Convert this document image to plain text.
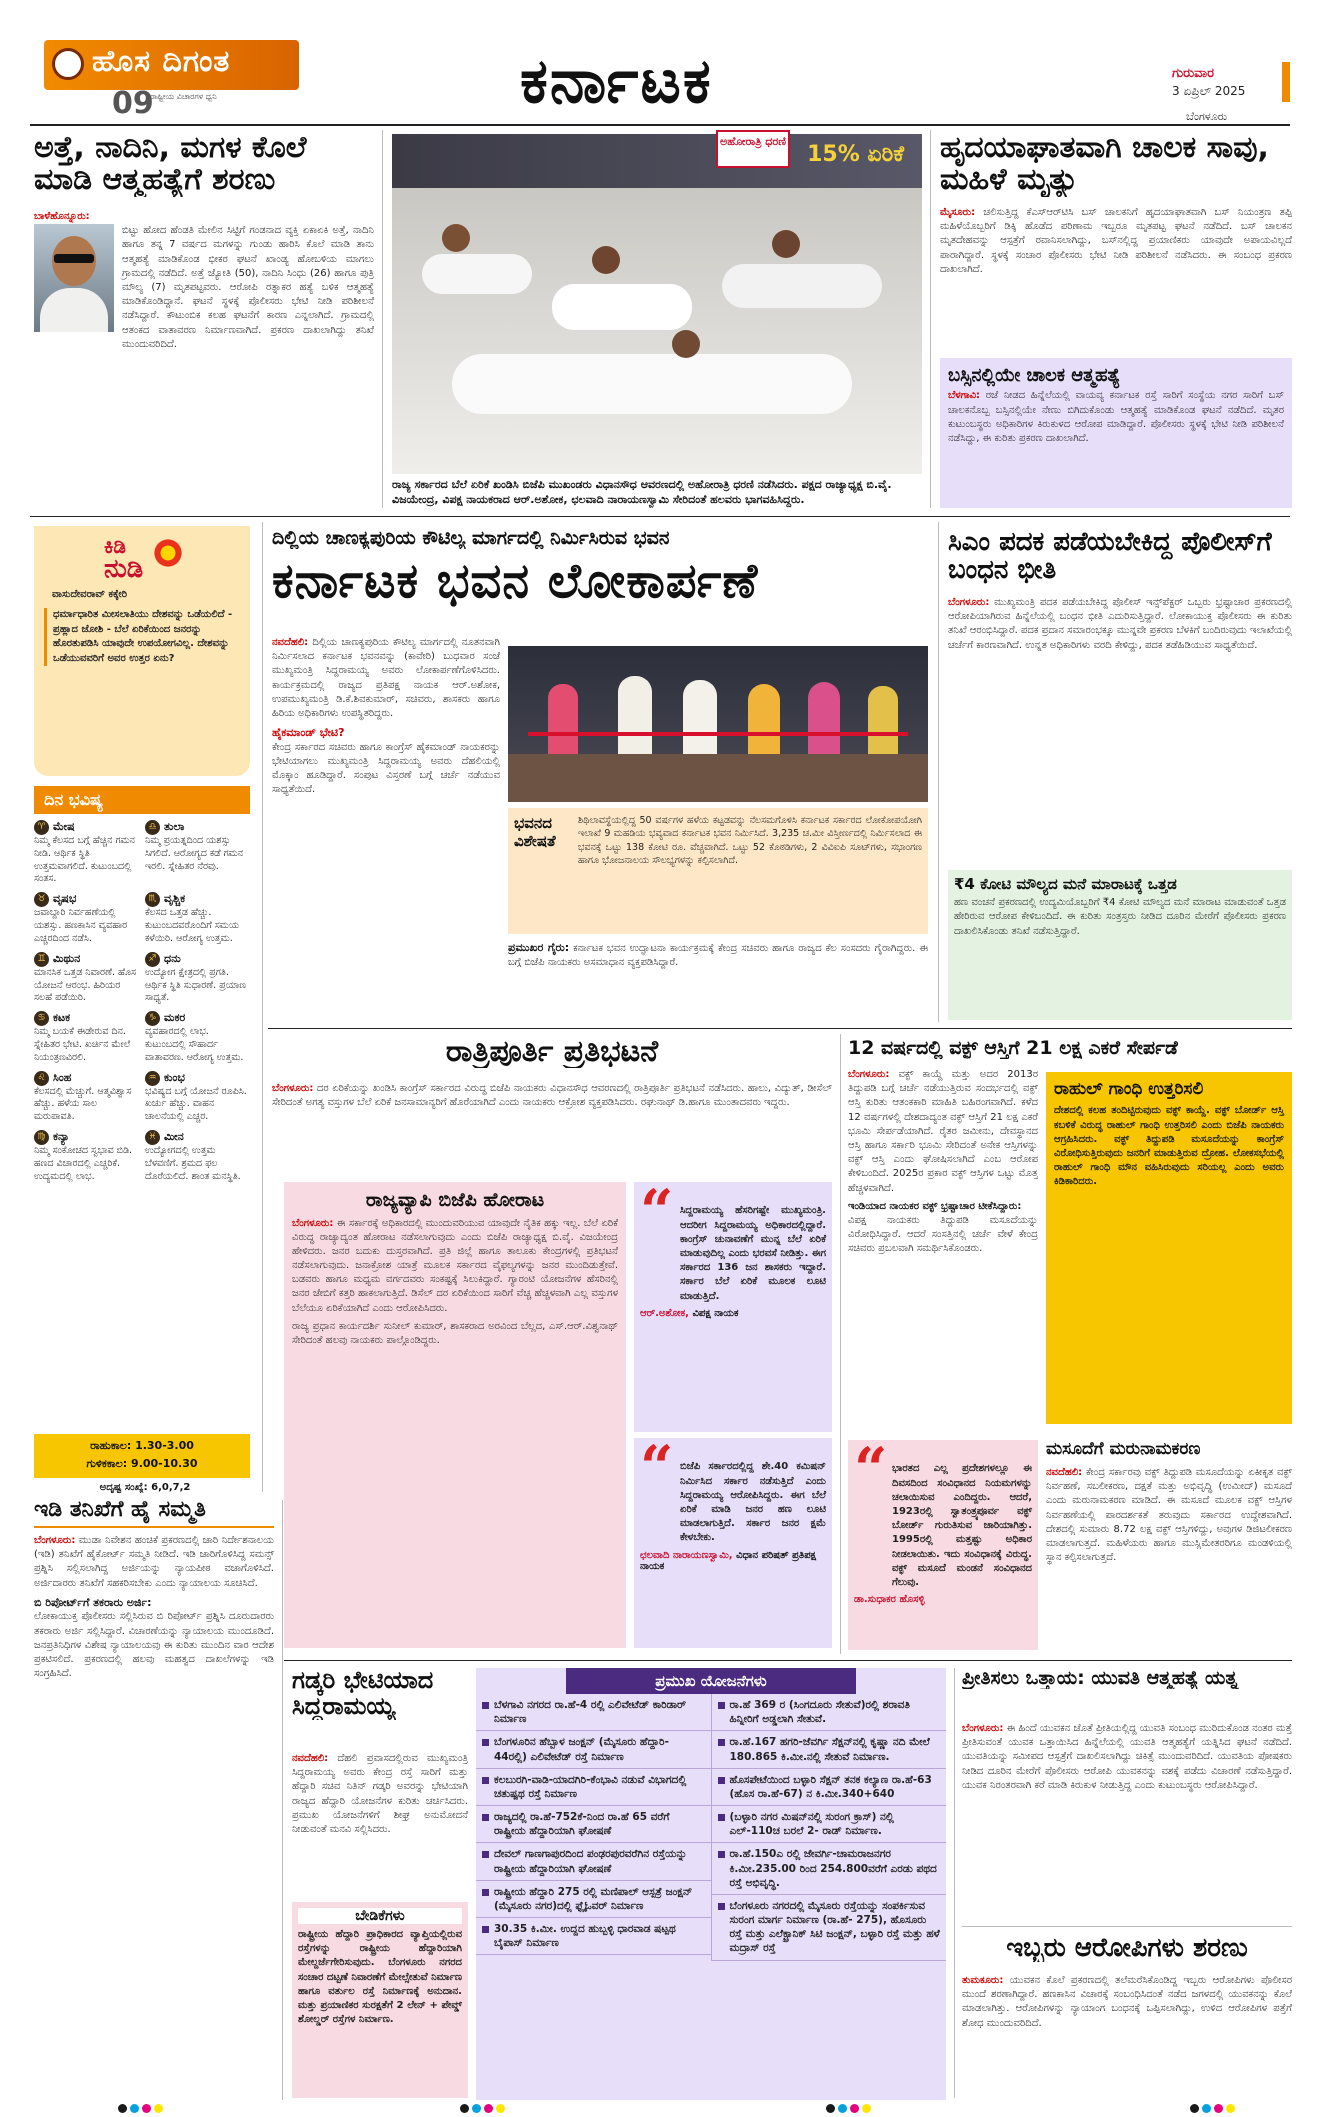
ಹೊಸ ದಿಗಂತ
ರಾಷ್ಟ್ರೀಯ ವಿಚಾರಗಳ ಧ್ವನಿ
09	ಕರ್ನಾಟಕ	ಗುರುವಾರ
3 ಏಪ್ರಿಲ್ 2025
ಬೆಂಗಳೂರು
ಅತ್ತೆ, ನಾದಿನಿ, ಮಗಳ ಕೊಲೆ ಮಾಡಿ ಆತ್ಮಹತ್ಯೆಗೆ ಶರಣು
ಬಾಳೆಹೊನ್ನೂರು:
ಬಿಟ್ಟು ಹೋದ ಹೆಂಡತಿ ಮೇಲಿನ ಸಿಟ್ಟಿಗೆ ಗಂಡನಾದ ವ್ಯಕ್ತಿ ಏಕಾಏಕಿ ಅತ್ತೆ, ನಾದಿನಿ ಹಾಗೂ ತನ್ನ 7 ವರ್ಷದ ಮಗಳನ್ನು ಗುಂಡು ಹಾರಿಸಿ ಕೊಲೆ ಮಾಡಿ ತಾನು ಆತ್ಮಹತ್ಯೆ ಮಾಡಿಕೊಂಡ ಭೀಕರ ಘಟನೆ ಖಾಂಡ್ಯ ಹೋಬಳಿಯ ಮಾಗಲು ಗ್ರಾಮದಲ್ಲಿ ನಡೆದಿದೆ. ಅತ್ತೆ ಜ್ಯೋತಿ (50), ನಾದಿನಿ ಸಿಂಧು (26) ಹಾಗೂ ಪುತ್ರಿ ಮೌಲ್ಯ (7) ಮೃತಪಟ್ಟವರು. ಆರೋಪಿ ರತ್ನಾಕರ ಹತ್ಯೆ ಬಳಿಕ ಆತ್ಮಹತ್ಯೆ ಮಾಡಿಕೊಂಡಿದ್ದಾನೆ. ಘಟನೆ ಸ್ಥಳಕ್ಕೆ ಪೊಲೀಸರು ಭೇಟಿ ನೀಡಿ ಪರಿಶೀಲನೆ ನಡೆಸಿದ್ದಾರೆ. ಕೌಟುಂಬಿಕ ಕಲಹ ಘಟನೆಗೆ ಕಾರಣ ಎನ್ನಲಾಗಿದೆ. ಗ್ರಾಮದಲ್ಲಿ ಆತಂಕದ ವಾತಾವರಣ ನಿರ್ಮಾಣವಾಗಿದೆ. ಪ್ರಕರಣ ದಾಖಲಾಗಿದ್ದು ತನಿಖೆ ಮುಂದುವರಿದಿದೆ.
15% ಏರಿಕೆ
ಅಹೋರಾತ್ರಿ ಧರಣಿ
ರಾಜ್ಯ ಸರ್ಕಾರದ ಬೆಲೆ ಏರಿಕೆ ಖಂಡಿಸಿ ಬಿಜೆಪಿ ಮುಖಂಡರು ವಿಧಾನಸೌಧ ಆವರಣದಲ್ಲಿ ಅಹೋರಾತ್ರಿ ಧರಣಿ ನಡೆಸಿದರು. ಪಕ್ಷದ ರಾಜ್ಯಾಧ್ಯಕ್ಷ ಬಿ.ವೈ. ವಿಜಯೇಂದ್ರ, ವಿಪಕ್ಷ ನಾಯಕರಾದ ಆರ್.ಅಶೋಕ, ಛಲವಾದಿ ನಾರಾಯಣಸ್ವಾಮಿ ಸೇರಿದಂತೆ ಹಲವರು ಭಾಗವಹಿಸಿದ್ದರು.
ಹೃದಯಾಘಾತವಾಗಿ ಚಾಲಕ ಸಾವು, ಮಹಿಳೆ ಮೃತ್ಯು
ಮೈಸೂರು: ಚಲಿಸುತ್ತಿದ್ದ ಕೆಎಸ್‌ಆರ್‌ಟಿಸಿ ಬಸ್ ಚಾಲಕನಿಗೆ ಹೃದಯಾಘಾತವಾಗಿ ಬಸ್ ನಿಯಂತ್ರಣ ತಪ್ಪಿ ಮಹಿಳೆಯೊಬ್ಬರಿಗೆ ಡಿಕ್ಕಿ ಹೊಡೆದ ಪರಿಣಾಮ ಇಬ್ಬರೂ ಮೃತಪಟ್ಟ ಘಟನೆ ನಡೆದಿದೆ. ಬಸ್ ಚಾಲಕನ ಮೃತದೇಹವನ್ನು ಆಸ್ಪತ್ರೆಗೆ ರವಾನಿಸಲಾಗಿದ್ದು, ಬಸ್‌ನಲ್ಲಿದ್ದ ಪ್ರಯಾಣಿಕರು ಯಾವುದೇ ಅಪಾಯವಿಲ್ಲದೆ ಪಾರಾಗಿದ್ದಾರೆ. ಸ್ಥಳಕ್ಕೆ ಸಂಚಾರ ಪೊಲೀಸರು ಭೇಟಿ ನೀಡಿ ಪರಿಶೀಲನೆ ನಡೆಸಿದರು. ಈ ಸಂಬಂಧ ಪ್ರಕರಣ ದಾಖಲಾಗಿದೆ.
ಬಸ್ಸಿನಲ್ಲಿಯೇ ಚಾಲಕ ಆತ್ಮಹತ್ಯೆ
ಬೆಳಗಾವಿ: ರಜೆ ನೀಡದ ಹಿನ್ನೆಲೆಯಲ್ಲಿ ವಾಯವ್ಯ ಕರ್ನಾಟಕ ರಸ್ತೆ ಸಾರಿಗೆ ಸಂಸ್ಥೆಯ ನಗರ ಸಾರಿಗೆ ಬಸ್ ಚಾಲಕನೊಬ್ಬ ಬಸ್ಸಿನಲ್ಲಿಯೇ ನೇಣು ಬಿಗಿದುಕೊಂಡು ಆತ್ಮಹತ್ಯೆ ಮಾಡಿಕೊಂಡ ಘಟನೆ ನಡೆದಿದೆ. ಮೃತರ ಕುಟುಂಬಸ್ಥರು ಅಧಿಕಾರಿಗಳ ಕಿರುಕುಳದ ಆರೋಪ ಮಾಡಿದ್ದಾರೆ. ಪೊಲೀಸರು ಸ್ಥಳಕ್ಕೆ ಭೇಟಿ ನೀಡಿ ಪರಿಶೀಲನೆ ನಡೆಸಿದ್ದು, ಈ ಕುರಿತು ಪ್ರಕರಣ ದಾಖಲಾಗಿದೆ.
ಕಿಡಿ
ನುಡಿ
ವಾಸುದೇವರಾವ್ ಕಕ್ಕೇರಿ
ಧರ್ಮಾಧಾರಿತ ಮೀಸಲಾತಿಯು ದೇಶವನ್ನು ಒಡೆಯಲಿದೆ - ಪ್ರಹ್ಲಾದ ಜೋಶಿ - ಬೆಲೆ ಏರಿಕೆಯಿಂದ ಜನರನ್ನು ಹೊರತುಪಡಿಸಿ ಯಾವುದೇ ಉಪಯೋಗವಿಲ್ಲ. ದೇಶವನ್ನು ಒಡೆಯುವವರಿಗೆ ಅವರ ಉತ್ತರ ಏನು?
ದಿನ ಭವಿಷ್ಯ
♈ ಮೇಷ
ನಿಮ್ಮ ಕೆಲಸದ ಬಗ್ಗೆ ಹೆಚ್ಚಿನ ಗಮನ ನೀಡಿ. ಆರ್ಥಿಕ ಸ್ಥಿತಿ ಉತ್ತಮವಾಗಲಿದೆ. ಕುಟುಂಬದಲ್ಲಿ ಸಂತಸ.
♎ ತುಲಾ
ನಿಮ್ಮ ಪ್ರಯತ್ನದಿಂದ ಯಶಸ್ಸು ಸಿಗಲಿದೆ. ಆರೋಗ್ಯದ ಕಡೆ ಗಮನ ಇರಲಿ. ಸ್ನೇಹಿತರ ನೆರವು.
♉ ವೃಷಭ
ಜವಾಬ್ದಾರಿ ನಿರ್ವಹಣೆಯಲ್ಲಿ ಯಶಸ್ಸು. ಹಣಕಾಸಿನ ವ್ಯವಹಾರ ಎಚ್ಚರದಿಂದ ನಡೆಸಿ.
♏ ವೃಶ್ಚಿಕ
ಕೆಲಸದ ಒತ್ತಡ ಹೆಚ್ಚು. ಕುಟುಂಬದವರೊಂದಿಗೆ ಸಮಯ ಕಳೆಯಿರಿ. ಆರೋಗ್ಯ ಉತ್ತಮ.
♊ ಮಿಥುನ
ಮಾನಸಿಕ ಒತ್ತಡ ನಿವಾರಣೆ. ಹೊಸ ಯೋಜನೆ ಆರಂಭ. ಹಿರಿಯರ ಸಲಹೆ ಪಡೆಯಿರಿ.
♐ ಧನು
ಉದ್ಯೋಗ ಕ್ಷೇತ್ರದಲ್ಲಿ ಪ್ರಗತಿ. ಆರ್ಥಿಕ ಸ್ಥಿತಿ ಸುಧಾರಣೆ. ಪ್ರಯಾಣ ಸಾಧ್ಯತೆ.
♋ ಕಟಕ
ನಿಮ್ಮ ಬಯಕೆ ಈಡೇರುವ ದಿನ. ಸ್ನೇಹಿತರ ಭೇಟಿ. ಖರ್ಚಿನ ಮೇಲೆ ನಿಯಂತ್ರಣವಿರಲಿ.
♑ ಮಕರ
ವ್ಯವಹಾರದಲ್ಲಿ ಲಾಭ. ಕುಟುಂಬದಲ್ಲಿ ಸೌಹಾರ್ದ ವಾತಾವರಣ. ಆರೋಗ್ಯ ಉತ್ತಮ.
♌ ಸಿಂಹ
ಕೆಲಸದಲ್ಲಿ ಮೆಚ್ಚುಗೆ. ಆತ್ಮವಿಶ್ವಾಸ ಹೆಚ್ಚು. ಹಳೆಯ ಸಾಲ ಮರುಪಾವತಿ.
♒ ಕುಂಭ
ಭವಿಷ್ಯದ ಬಗ್ಗೆ ಯೋಜನೆ ರೂಪಿಸಿ. ಖರ್ಚು ಹೆಚ್ಚು. ವಾಹನ ಚಾಲನೆಯಲ್ಲಿ ಎಚ್ಚರ.
♍ ಕನ್ಯಾ
ನಿಮ್ಮ ಸಂಕೋಚದ ಸ್ವಭಾವ ಬಿಡಿ. ಹಣದ ವಿಚಾರದಲ್ಲಿ ಎಚ್ಚರಿಕೆ. ಉದ್ಯಮದಲ್ಲಿ ಲಾಭ.
♓ ಮೀನ
ಉದ್ಯೋಗದಲ್ಲಿ ಉತ್ತಮ ಬೆಳವಣಿಗೆ. ಶ್ರಮದ ಫಲ ದೊರೆಯಲಿದೆ. ಶಾಂತ ಮನಸ್ಥಿತಿ.
ರಾಹುಕಾಲ: 1.30-3.00
ಗುಳಿಕಕಾಲ: 9.00-10.30
ಅದೃಷ್ಟ ಸಂಖ್ಯೆ: 6,0,7,2
ಇಡಿ ತನಿಖೆಗೆ ಹೈ ಸಮ್ಮತಿ
ಬೆಂಗಳೂರು: ಮುಡಾ ನಿವೇಶನ ಹಂಚಿಕೆ ಪ್ರಕರಣದಲ್ಲಿ ಜಾರಿ ನಿರ್ದೇಶನಾಲಯ (ಇಡಿ) ತನಿಖೆಗೆ ಹೈಕೋರ್ಟ್ ಸಮ್ಮತಿ ನೀಡಿದೆ. ಇಡಿ ಜಾರಿಗೊಳಿಸಿದ್ದ ಸಮನ್ಸ್ ಪ್ರಶ್ನಿಸಿ ಸಲ್ಲಿಸಲಾಗಿದ್ದ ಅರ್ಜಿಯನ್ನು ನ್ಯಾಯಪೀಠ ವಜಾಗೊಳಿಸಿದೆ. ಅರ್ಜಿದಾರರು ತನಿಖೆಗೆ ಸಹಕರಿಸಬೇಕು ಎಂದು ನ್ಯಾಯಾಲಯ ಸೂಚಿಸಿದೆ.
ಬಿ ರಿಪೋರ್ಟ್‌ಗೆ ತಕರಾರು ಅರ್ಜಿ:
ಲೋಕಾಯುಕ್ತ ಪೊಲೀಸರು ಸಲ್ಲಿಸಿರುವ ಬಿ ರಿಪೋರ್ಟ್ ಪ್ರಶ್ನಿಸಿ ದೂರುದಾರರು ತಕರಾರು ಅರ್ಜಿ ಸಲ್ಲಿಸಿದ್ದಾರೆ. ವಿಚಾರಣೆಯನ್ನು ನ್ಯಾಯಾಲಯ ಮುಂದೂಡಿದೆ. ಜನಪ್ರತಿನಿಧಿಗಳ ವಿಶೇಷ ನ್ಯಾಯಾಲಯವು ಈ ಕುರಿತು ಮುಂದಿನ ವಾರ ಆದೇಶ ಪ್ರಕಟಿಸಲಿದೆ. ಪ್ರಕರಣದಲ್ಲಿ ಹಲವು ಮಹತ್ವದ ದಾಖಲೆಗಳನ್ನು ಇಡಿ ಸಂಗ್ರಹಿಸಿದೆ.
ದಿಲ್ಲಿಯ ಚಾಣಕ್ಯಪುರಿಯ ಕೌಟಿಲ್ಯ ಮಾರ್ಗದಲ್ಲಿ ನಿರ್ಮಿಸಿರುವ ಭವನ
ಕರ್ನಾಟಕ ಭವನ ಲೋಕಾರ್ಪಣೆ
ನವದೆಹಲಿ: ದಿಲ್ಲಿಯ ಚಾಣಕ್ಯಪುರಿಯ ಕೌಟಿಲ್ಯ ಮಾರ್ಗದಲ್ಲಿ ನೂತನವಾಗಿ ನಿರ್ಮಿಸಲಾದ ಕರ್ನಾಟಕ ಭವನವನ್ನು (ಕಾವೇರಿ) ಬುಧವಾರ ಸಂಜೆ ಮುಖ್ಯಮಂತ್ರಿ ಸಿದ್ದರಾಮಯ್ಯ ಅವರು ಲೋಕಾರ್ಪಣೆಗೊಳಿಸಿದರು. ಕಾರ್ಯಕ್ರಮದಲ್ಲಿ ರಾಜ್ಯದ ಪ್ರತಿಪಕ್ಷ ನಾಯಕ ಆರ್.ಅಶೋಕ, ಉಪಮುಖ್ಯಮಂತ್ರಿ ಡಿ.ಕೆ.ಶಿವಕುಮಾರ್, ಸಚಿವರು, ಶಾಸಕರು ಹಾಗೂ ಹಿರಿಯ ಅಧಿಕಾರಿಗಳು ಉಪಸ್ಥಿತರಿದ್ದರು.
ಹೈಕಮಾಂಡ್ ಭೇಟಿ?
ಕೇಂದ್ರ ಸರ್ಕಾರದ ಸಚಿವರು ಹಾಗೂ ಕಾಂಗ್ರೆಸ್ ಹೈಕಮಾಂಡ್ ನಾಯಕರನ್ನು ಭೇಟಿಯಾಗಲು ಮುಖ್ಯಮಂತ್ರಿ ಸಿದ್ದರಾಮಯ್ಯ ಅವರು ದೆಹಲಿಯಲ್ಲಿ ಮೊಕ್ಕಾಂ ಹೂಡಿದ್ದಾರೆ. ಸಂಪುಟ ವಿಸ್ತರಣೆ ಬಗ್ಗೆ ಚರ್ಚೆ ನಡೆಯುವ ಸಾಧ್ಯತೆಯಿದೆ.
ಭವನದ ವಿಶೇಷತೆ
ಶಿಥಿಲಾವಸ್ಥೆಯಲ್ಲಿದ್ದ 50 ವರ್ಷಗಳ ಹಳೆಯ ಕಟ್ಟಡವನ್ನು ನೆಲಸಮಗೊಳಿಸಿ ಕರ್ನಾಟಕ ಸರ್ಕಾರದ ಲೋಕೋಪಯೋಗಿ ಇಲಾಖೆ 9 ಮಹಡಿಯ ಭವ್ಯವಾದ ಕರ್ನಾಟಕ ಭವನ ನಿರ್ಮಿಸಿದೆ. 3,235 ಚ.ಮೀ ವಿಸ್ತೀರ್ಣದಲ್ಲಿ ನಿರ್ಮಿಸಲಾದ ಈ ಭವನಕ್ಕೆ ಒಟ್ಟು 138 ಕೋಟಿ ರೂ. ವೆಚ್ಚವಾಗಿದೆ. ಒಟ್ಟು 52 ಕೊಠಡಿಗಳು, 2 ವಿವಿಐಪಿ ಸೂಟ್‌ಗಳು, ಸಭಾಂಗಣ ಹಾಗೂ ಭೋಜನಾಲಯ ಸೌಲಭ್ಯಗಳನ್ನು ಕಲ್ಪಿಸಲಾಗಿದೆ.
ಪ್ರಮುಖರ ಗೈರು: ಕರ್ನಾಟಕ ಭವನ ಉದ್ಘಾಟನಾ ಕಾರ್ಯಕ್ರಮಕ್ಕೆ ಕೇಂದ್ರ ಸಚಿವರು ಹಾಗೂ ರಾಜ್ಯದ ಕೆಲ ಸಂಸದರು ಗೈರಾಗಿದ್ದರು. ಈ ಬಗ್ಗೆ ಬಿಜೆಪಿ ನಾಯಕರು ಅಸಮಾಧಾನ ವ್ಯಕ್ತಪಡಿಸಿದ್ದಾರೆ.
ಸಿಎಂ ಪದಕ ಪಡೆಯಬೇಕಿದ್ದ ಪೊಲೀಸ್‌ಗೆ ಬಂಧನ ಭೀತಿ
ಬೆಂಗಳೂರು: ಮುಖ್ಯಮಂತ್ರಿ ಪದಕ ಪಡೆಯಬೇಕಿದ್ದ ಪೊಲೀಸ್ ಇನ್ಸ್‌ಪೆಕ್ಟರ್ ಒಬ್ಬರು ಭ್ರಷ್ಟಾಚಾರ ಪ್ರಕರಣದಲ್ಲಿ ಆರೋಪಿಯಾಗಿರುವ ಹಿನ್ನೆಲೆಯಲ್ಲಿ ಬಂಧನ ಭೀತಿ ಎದುರಿಸುತ್ತಿದ್ದಾರೆ. ಲೋಕಾಯುಕ್ತ ಪೊಲೀಸರು ಈ ಕುರಿತು ತನಿಖೆ ಆರಂಭಿಸಿದ್ದಾರೆ. ಪದಕ ಪ್ರದಾನ ಸಮಾರಂಭಕ್ಕೂ ಮುನ್ನವೇ ಪ್ರಕರಣ ಬೆಳಕಿಗೆ ಬಂದಿರುವುದು ಇಲಾಖೆಯಲ್ಲಿ ಚರ್ಚೆಗೆ ಕಾರಣವಾಗಿದೆ. ಉನ್ನತ ಅಧಿಕಾರಿಗಳು ವರದಿ ಕೇಳಿದ್ದು, ಪದಕ ತಡೆಹಿಡಿಯುವ ಸಾಧ್ಯತೆಯಿದೆ.
₹4 ಕೋಟಿ ಮೌಲ್ಯದ ಮನೆ ಮಾರಾಟಕ್ಕೆ ಒತ್ತಡ
ಹಣ ವಂಚನೆ ಪ್ರಕರಣದಲ್ಲಿ ಉದ್ಯಮಿಯೊಬ್ಬರಿಗೆ ₹4 ಕೋಟಿ ಮೌಲ್ಯದ ಮನೆ ಮಾರಾಟ ಮಾಡುವಂತೆ ಒತ್ತಡ ಹೇರಿರುವ ಆರೋಪ ಕೇಳಿಬಂದಿದೆ. ಈ ಕುರಿತು ಸಂತ್ರಸ್ತರು ನೀಡಿದ ದೂರಿನ ಮೇರೆಗೆ ಪೊಲೀಸರು ಪ್ರಕರಣ ದಾಖಲಿಸಿಕೊಂಡು ತನಿಖೆ ನಡೆಸುತ್ತಿದ್ದಾರೆ.
ರಾತ್ರಿಪೂರ್ತಿ ಪ್ರತಿಭಟನೆ
ಬೆಂಗಳೂರು: ದರ ಏರಿಕೆಯನ್ನು ಖಂಡಿಸಿ ಕಾಂಗ್ರೆಸ್ ಸರ್ಕಾರದ ವಿರುದ್ಧ ಬಿಜೆಪಿ ನಾಯಕರು ವಿಧಾನಸೌಧ ಆವರಣದಲ್ಲಿ ರಾತ್ರಿಪೂರ್ತಿ ಪ್ರತಿಭಟನೆ ನಡೆಸಿದರು. ಹಾಲು, ವಿದ್ಯುತ್, ಡೀಸೆಲ್ ಸೇರಿದಂತೆ ಅಗತ್ಯ ವಸ್ತುಗಳ ಬೆಲೆ ಏರಿಕೆ ಜನಸಾಮಾನ್ಯರಿಗೆ ಹೊರೆಯಾಗಿದೆ ಎಂದು ನಾಯಕರು ಆಕ್ರೋಶ ವ್ಯಕ್ತಪಡಿಸಿದರು. ರಘುನಾಥ್ ಡಿ.ಹಾಗೂ ಮುಂತಾದವರು ಇದ್ದರು.
ರಾಜ್ಯವ್ಯಾಪಿ ಬಿಜೆಪಿ ಹೋರಾಟ
ಬೆಂಗಳೂರು: ಈ ಸರ್ಕಾರಕ್ಕೆ ಅಧಿಕಾರದಲ್ಲಿ ಮುಂದುವರಿಯುವ ಯಾವುದೇ ನೈತಿಕ ಹಕ್ಕು ಇಲ್ಲ. ಬೆಲೆ ಏರಿಕೆ ವಿರುದ್ಧ ರಾಜ್ಯಾದ್ಯಂತ ಹೋರಾಟ ನಡೆಸಲಾಗುವುದು ಎಂದು ಬಿಜೆಪಿ ರಾಜ್ಯಾಧ್ಯಕ್ಷ ಬಿ.ವೈ. ವಿಜಯೇಂದ್ರ ಹೇಳಿದರು. ಜನರ ಬದುಕು ದುಸ್ತರವಾಗಿದೆ. ಪ್ರತಿ ಜಿಲ್ಲೆ ಹಾಗೂ ತಾಲೂಕು ಕೇಂದ್ರಗಳಲ್ಲಿ ಪ್ರತಿಭಟನೆ ನಡೆಸಲಾಗುವುದು. ಜನಾಕ್ರೋಶ ಯಾತ್ರೆ ಮೂಲಕ ಸರ್ಕಾರದ ವೈಫಲ್ಯಗಳನ್ನು ಜನರ ಮುಂದಿಡುತ್ತೇವೆ. ಬಡವರು ಹಾಗೂ ಮಧ್ಯಮ ವರ್ಗದವರು ಸಂಕಷ್ಟಕ್ಕೆ ಸಿಲುಕಿದ್ದಾರೆ. ಗ್ಯಾರಂಟಿ ಯೋಜನೆಗಳ ಹೆಸರಿನಲ್ಲಿ ಜನರ ಜೇಬಿಗೆ ಕತ್ತರಿ ಹಾಕಲಾಗುತ್ತಿದೆ. ಡಿಸೆಲ್ ದರ ಏರಿಕೆಯಿಂದ ಸಾರಿಗೆ ವೆಚ್ಚ ಹೆಚ್ಚಳವಾಗಿ ಎಲ್ಲ ವಸ್ತುಗಳ ಬೆಲೆಯೂ ಏರಿಕೆಯಾಗಿದೆ ಎಂದು ಆರೋಪಿಸಿದರು.
ರಾಜ್ಯ ಪ್ರಧಾನ ಕಾರ್ಯದರ್ಶಿ ಸುನೀಲ್ ಕುಮಾರ್, ಶಾಸಕರಾದ ಅರವಿಂದ ಬೆಲ್ಲದ, ಎಸ್.ಆರ್.ವಿಶ್ವನಾಥ್ ಸೇರಿದಂತೆ ಹಲವು ನಾಯಕರು ಪಾಲ್ಗೊಂಡಿದ್ದರು.
“ ಸಿದ್ದರಾಮಯ್ಯ ಹೆಸರಿಗಷ್ಟೇ ಮುಖ್ಯಮಂತ್ರಿ. ಆದರೀಗ ಸಿದ್ದರಾಮಯ್ಯ ಅಧಿಕಾರದಲ್ಲಿದ್ದಾರೆ. ಕಾಂಗ್ರೆಸ್ ಚುನಾವಣೆಗೆ ಮುನ್ನ ಬೆಲೆ ಏರಿಕೆ ಮಾಡುವುದಿಲ್ಲ ಎಂದು ಭರವಸೆ ನೀಡಿತ್ತು. ಈಗ ಸರ್ಕಾರದ 136 ಜನ ಶಾಸಕರು ಇದ್ದಾರೆ. ಸರ್ಕಾರ ಬೆಲೆ ಏರಿಕೆ ಮೂಲಕ ಲೂಟಿ ಮಾಡುತ್ತಿದೆ.
ಆರ್.ಅಶೋಕ, ವಿಪಕ್ಷ ನಾಯಕ
“ ಬಿಜೆಪಿ ಸರ್ಕಾರದಲ್ಲಿದ್ದ ಶೇ.40 ಕಮಿಷನ್ ನಿರ್ಮಿಸಿದ ಸರ್ಕಾರ ನಡೆಸುತ್ತಿದೆ ಎಂದು ಸಿದ್ದರಾಮಯ್ಯ ಆರೋಪಿಸಿದ್ದರು. ಈಗ ಬೆಲೆ ಏರಿಕೆ ಮಾಡಿ ಜನರ ಹಣ ಲೂಟಿ ಮಾಡಲಾಗುತ್ತಿದೆ. ಸರ್ಕಾರ ಜನರ ಕ್ಷಮೆ ಕೇಳಬೇಕು.
ಛಲವಾದಿ ನಾರಾಯಣಸ್ವಾಮಿ, ವಿಧಾನ ಪರಿಷತ್ ಪ್ರತಿಪಕ್ಷ ನಾಯಕ
12 ವರ್ಷದಲ್ಲಿ ವಕ್ಫ್ ಆಸ್ತಿಗೆ 21 ಲಕ್ಷ ಎಕರೆ ಸೇರ್ಪಡೆ
ಬೆಂಗಳೂರು: ವಕ್ಫ್ ಕಾಯ್ದೆ ಮತ್ತು ಅದರ 2013ರ ತಿದ್ದುಪಡಿ ಬಗ್ಗೆ ಚರ್ಚೆ ನಡೆಯುತ್ತಿರುವ ಸಂದರ್ಭದಲ್ಲಿ ವಕ್ಫ್ ಆಸ್ತಿ ಕುರಿತು ಆತಂಕಕಾರಿ ಮಾಹಿತಿ ಬಹಿರಂಗವಾಗಿದೆ. ಕಳೆದ 12 ವರ್ಷಗಳಲ್ಲಿ ದೇಶದಾದ್ಯಂತ ವಕ್ಫ್ ಆಸ್ತಿಗೆ 21 ಲಕ್ಷ ಎಕರೆ ಭೂಮಿ ಸೇರ್ಪಡೆಯಾಗಿದೆ. ರೈತರ ಜಮೀನು, ದೇವಸ್ಥಾನದ ಆಸ್ತಿ ಹಾಗೂ ಸರ್ಕಾರಿ ಭೂಮಿ ಸೇರಿದಂತೆ ಅನೇಕ ಆಸ್ತಿಗಳನ್ನು ವಕ್ಫ್ ಆಸ್ತಿ ಎಂದು ಘೋಷಿಸಲಾಗಿದೆ ಎಂಬ ಆರೋಪ ಕೇಳಿಬಂದಿದೆ. 2025ರ ಪ್ರಕಾರ ವಕ್ಫ್ ಆಸ್ತಿಗಳ ಒಟ್ಟು ಮೊತ್ತ ಹೆಚ್ಚಳವಾಗಿದೆ.
ಇಂಡಿಯಾದ ನಾಯಕರ ವಕ್ಫ್ ಭ್ರಷ್ಟಾಚಾರ ಟೀಕೆಸಿದ್ದಾರು:
ವಿಪಕ್ಷ ನಾಯಕರು ತಿದ್ದುಪಡಿ ಮಸೂದೆಯನ್ನು ವಿರೋಧಿಸಿದ್ದಾರೆ. ಆದರೆ ಸಂಸತ್ತಿನಲ್ಲಿ ಚರ್ಚೆ ವೇಳೆ ಕೇಂದ್ರ ಸಚಿವರು ಪ್ರಬಲವಾಗಿ ಸಮರ್ಥಿಸಿಕೊಂಡರು.
ರಾಹುಲ್ ಗಾಂಧಿ ಉತ್ತರಿಸಲಿ
ದೇಶದಲ್ಲಿ ಕಲಹ ತಂದಿಟ್ಟಿರುವುದು ವಕ್ಫ್ ಕಾಯ್ದೆ. ವಕ್ಫ್ ಬೋರ್ಡ್ ಆಸ್ತಿ ಕಬಳಿಕೆ ವಿರುದ್ಧ ರಾಹುಲ್ ಗಾಂಧಿ ಉತ್ತರಿಸಲಿ ಎಂದು ಬಿಜೆಪಿ ನಾಯಕರು ಆಗ್ರಹಿಸಿದರು. ವಕ್ಫ್ ತಿದ್ದುಪಡಿ ಮಸೂದೆಯನ್ನು ಕಾಂಗ್ರೆಸ್ ವಿರೋಧಿಸುತ್ತಿರುವುದು ಜನರಿಗೆ ಮಾಡುತ್ತಿರುವ ದ್ರೋಹ. ಲೋಕಸಭೆಯಲ್ಲಿ ರಾಹುಲ್ ಗಾಂಧಿ ಮೌನ ವಹಿಸಿರುವುದು ಸರಿಯಲ್ಲ ಎಂದು ಅವರು ಕಿಡಿಕಾರಿದರು.
“ ಭಾರತದ ಎಲ್ಲ ಪ್ರದೇಶಗಳಲ್ಲೂ ಈ ದಿವಸದಿಂದ ಸಂವಿಧಾನದ ನಿಯಮಗಳನ್ನು ಚಲಾಯಿಸುವ ಎಂದಿದ್ದರು. ಆದರೆ, 1923ರಲ್ಲಿ ಸ್ವಾತಂತ್ರ್ಯಪೂರ್ವ ವಕ್ಫ್ ಬೋರ್ಡ್ ಗುರುತಿಸುವ ಜಾರಿಯಾಗಿತ್ತು. 1995ರಲ್ಲಿ ಮತ್ತಷ್ಟು ಅಧಿಕಾರ ನೀಡಲಾಯಿತು. ಇದು ಸಂವಿಧಾನಕ್ಕೆ ವಿರುದ್ಧ. ವಕ್ಫ್ ಮಸೂದೆ ಮಂಡನೆ ಸಂವಿಧಾನದ ಗೆಲುವು.
ಡಾ.ಸುಧಾಕರ ಹೊಸಳ್ಳಿ
ಮಸೂದೆಗೆ ಮರುನಾಮಕರಣ
ನವದೆಹಲಿ: ಕೇಂದ್ರ ಸರ್ಕಾರವು ವಕ್ಫ್ ತಿದ್ದುಪಡಿ ಮಸೂದೆಯನ್ನು ಏಕೀಕೃತ ವಕ್ಫ್ ನಿರ್ವಹಣೆ, ಸಬಲೀಕರಣ, ದಕ್ಷತೆ ಮತ್ತು ಅಭಿವೃದ್ಧಿ (ಉಮೀದ್) ಮಸೂದೆ ಎಂದು ಮರುನಾಮಕರಣ ಮಾಡಿದೆ. ಈ ಮಸೂದೆ ಮೂಲಕ ವಕ್ಫ್ ಆಸ್ತಿಗಳ ನಿರ್ವಹಣೆಯಲ್ಲಿ ಪಾರದರ್ಶಕತೆ ತರುವುದು ಸರ್ಕಾರದ ಉದ್ದೇಶವಾಗಿದೆ. ದೇಶದಲ್ಲಿ ಸುಮಾರು 8.72 ಲಕ್ಷ ವಕ್ಫ್ ಆಸ್ತಿಗಳಿದ್ದು, ಅವುಗಳ ಡಿಜಿಟಲೀಕರಣ ಮಾಡಲಾಗುತ್ತದೆ. ಮಹಿಳೆಯರು ಹಾಗೂ ಮುಸ್ಲಿಮೇತರರಿಗೂ ಮಂಡಳಿಯಲ್ಲಿ ಸ್ಥಾನ ಕಲ್ಪಿಸಲಾಗುತ್ತದೆ.
ಗಡ್ಕರಿ ಭೇಟಿಯಾದ ಸಿದ್ದರಾಮಯ್ಯ
ನವದೆಹಲಿ: ದೆಹಲಿ ಪ್ರವಾಸದಲ್ಲಿರುವ ಮುಖ್ಯಮಂತ್ರಿ ಸಿದ್ದರಾಮಯ್ಯ ಅವರು ಕೇಂದ್ರ ರಸ್ತೆ ಸಾರಿಗೆ ಮತ್ತು ಹೆದ್ದಾರಿ ಸಚಿವ ನಿತಿನ್ ಗಡ್ಕರಿ ಅವರನ್ನು ಭೇಟಿಯಾಗಿ ರಾಜ್ಯದ ಹೆದ್ದಾರಿ ಯೋಜನೆಗಳ ಕುರಿತು ಚರ್ಚಿಸಿದರು. ಪ್ರಮುಖ ಯೋಜನೆಗಳಿಗೆ ಶೀಘ್ರ ಅನುಮೋದನೆ ನೀಡುವಂತೆ ಮನವಿ ಸಲ್ಲಿಸಿದರು.
ಬೇಡಿಕೆಗಳು
ರಾಷ್ಟ್ರೀಯ ಹೆದ್ದಾರಿ ಪ್ರಾಧಿಕಾರದ ವ್ಯಾಪ್ತಿಯಲ್ಲಿರುವ ರಸ್ತೆಗಳನ್ನು ರಾಷ್ಟ್ರೀಯ ಹೆದ್ದಾರಿಯಾಗಿ ಮೇಲ್ದರ್ಜೆಗೇರಿಸುವುದು. ಬೆಂಗಳೂರು ನಗರದ ಸಂಚಾರ ದಟ್ಟಣೆ ನಿವಾರಣೆಗೆ ಮೇಲ್ಸೇತುವೆ ನಿರ್ಮಾಣ ಹಾಗೂ ವರ್ತುಲ ರಸ್ತೆ ನಿರ್ಮಾಣಕ್ಕೆ ಅನುದಾನ. ಮತ್ತು ಪ್ರಯಾಣಿಕರ ಸುರಕ್ಷತೆಗೆ 2 ಲೇನ್ + ಪೇವ್ಡ್ ಶೋಲ್ಡರ್ ರಸ್ತೆಗಳ ನಿರ್ಮಾಣ.
ಪ್ರಮುಖ ಯೋಜನೆಗಳು
ಬೆಳಗಾವಿ ನಗರದ ರಾ.ಹೆ-4 ರಲ್ಲಿ ಎಲಿವೇಟೆಡ್ ಕಾರಿಡಾರ್ ನಿರ್ಮಾಣ
ಬೆಂಗಳೂರಿನ ಹೆಬ್ಬಾಳ ಜಂಕ್ಷನ್ (ಮೈಸೂರು ಹೆದ್ದಾರಿ- 44ರಲ್ಲಿ) ಎಲಿವೇಟೆಡ್ ರಸ್ತೆ ನಿರ್ಮಾಣ
ಕಲಬುರಗಿ-ವಾಡಿ-ಯಾದಗಿರಿ-ಕೆಂಭಾವಿ ನಡುವೆ ವಿಭಾಗದಲ್ಲಿ ಚತುಷ್ಪಥ ರಸ್ತೆ ನಿರ್ಮಾಣ
ರಾಜ್ಯದಲ್ಲಿ ರಾ.ಹೆ-752ಕೆ-ನಿಂದ ರಾ.ಹೆ 65 ವರೆಗೆ ರಾಷ್ಟ್ರೀಯ ಹೆದ್ದಾರಿಯಾಗಿ ಘೋಷಣೆ
ದೇವಲ್ ಗಾಣಗಾಪುರದಿಂದ ಪಂಢರಪುರವರೆಗಿನ ರಸ್ತೆಯನ್ನು ರಾಷ್ಟ್ರೀಯ ಹೆದ್ದಾರಿಯಾಗಿ ಘೋಷಣೆ
ರಾಷ್ಟ್ರೀಯ ಹೆದ್ದಾರಿ 275 ರಲ್ಲಿ ಮಣಿಪಾಲ್ ಆಸ್ಪತ್ರೆ ಜಂಕ್ಷನ್ (ಮೈಸೂರು ನಗರ)ದಲ್ಲಿ ಫ್ಲೈಓವರ್ ನಿರ್ಮಾಣ
30.35 ಕಿ.ಮೀ. ಉದ್ದದ ಹುಬ್ಬಳ್ಳಿ ಧಾರವಾಡ ಷಟ್ಪಥ ಬೈಪಾಸ್ ನಿರ್ಮಾಣ
ರಾ.ಹೆ 369 ರ (ಸಿಂಗದೂರು ಸೇತುವೆ)ರಲ್ಲಿ ಶರಾವತಿ ಹಿನ್ನೀರಿಗೆ ಅಡ್ಡಲಾಗಿ ಸೇತುವೆ.
ರಾ.ಹೆ.167 ಹಗರಿ-ಜೆವರ್ಗಿ ಸೆಕ್ಷನ್‌ನಲ್ಲಿ ಕೃಷ್ಣಾ ನದಿ ಮೇಲೆ 180.865 ಕಿ.ಮೀ.ನಲ್ಲಿ ಸೇತುವೆ ನಿರ್ಮಾಣ.
ಹೊಸಪೇಟೆಯಿಂದ ಬಳ್ಳಾರಿ ಸೆಕ್ಷನ್ ತನಕ ಕಲ್ಯಾಣ ರಾ.ಹೆ-63 (ಹೊಸ ರಾ.ಹೆ-67) ನ ಕಿ.ಮೀ.340+640
(ಬಳ್ಳಾರಿ ನಗರ ಮಿಷನ್‌ನಲ್ಲಿ ಸುರಂಗ ಕ್ರಾಸ್) ನಲ್ಲಿ ಎಲ್-110ಚ ಬರಲೆ 2- ರಾಡ್ ನಿರ್ಮಾಣ.
ರಾ.ಹೆ.150ಎ ರಲ್ಲಿ ಜೇವರ್ಗಿ-ಚಾಮರಾಜನಗರ ಕಿ.ಮೀ.235.00 ರಿಂದ 254.800ವರೆಗೆ ಎರಡು ಪಥದ ರಸ್ತೆ ಅಭಿವೃದ್ಧಿ.
ಬೆಂಗಳೂರು ನಗರದಲ್ಲಿ ಮೈಸೂರು ರಸ್ತೆಯನ್ನು ಸಂಪರ್ಕಿಸುವ ಸುರಂಗ ಮಾರ್ಗ ನಿರ್ಮಾಣ (ರಾ.ಹೆ- 275), ಹೊಸೂರು ರಸ್ತೆ ಮತ್ತು ಎಲೆಕ್ಟ್ರಾನಿಕ್ ಸಿಟಿ ಜಂಕ್ಷನ್, ಬಳ್ಳಾರಿ ರಸ್ತೆ ಮತ್ತು ಹಳೆ ಮದ್ರಾಸ್ ರಸ್ತೆ
ಪ್ರೀತಿಸಲು ಒತ್ತಾಯ: ಯುವತಿ ಆತ್ಮಹತ್ಯೆ ಯತ್ನ
ಬೆಂಗಳೂರು: ಈ ಹಿಂದೆ ಯುವಕನ ಜೊತೆ ಪ್ರೀತಿಯಲ್ಲಿದ್ದ ಯುವತಿ ಸಂಬಂಧ ಮುರಿದುಕೊಂಡ ನಂತರ ಮತ್ತೆ ಪ್ರೀತಿಸುವಂತೆ ಯುವಕ ಒತ್ತಾಯಿಸಿದ ಹಿನ್ನೆಲೆಯಲ್ಲಿ ಯುವತಿ ಆತ್ಮಹತ್ಯೆಗೆ ಯತ್ನಿಸಿದ ಘಟನೆ ನಡೆದಿದೆ. ಯುವತಿಯನ್ನು ಸಮೀಪದ ಆಸ್ಪತ್ರೆಗೆ ದಾಖಲಿಸಲಾಗಿದ್ದು ಚಿಕಿತ್ಸೆ ಮುಂದುವರಿದಿದೆ. ಯುವತಿಯ ಪೋಷಕರು ನೀಡಿದ ದೂರಿನ ಮೇರೆಗೆ ಪೊಲೀಸರು ಆರೋಪಿ ಯುವಕನನ್ನು ವಶಕ್ಕೆ ಪಡೆದು ವಿಚಾರಣೆ ನಡೆಸುತ್ತಿದ್ದಾರೆ. ಯುವಕ ನಿರಂತರವಾಗಿ ಕರೆ ಮಾಡಿ ಕಿರುಕುಳ ನೀಡುತ್ತಿದ್ದ ಎಂದು ಕುಟುಂಬಸ್ಥರು ಆರೋಪಿಸಿದ್ದಾರೆ.
ಇಬ್ಬರು ಆರೋಪಿಗಳು ಶರಣು
ತುಮಕೂರು: ಯುವಕನ ಕೊಲೆ ಪ್ರಕರಣದಲ್ಲಿ ತಲೆಮರೆಸಿಕೊಂಡಿದ್ದ ಇಬ್ಬರು ಆರೋಪಿಗಳು ಪೊಲೀಸರ ಮುಂದೆ ಶರಣಾಗಿದ್ದಾರೆ. ಹಣಕಾಸಿನ ವಿಚಾರಕ್ಕೆ ಸಂಬಂಧಿಸಿದಂತೆ ನಡೆದ ಜಗಳದಲ್ಲಿ ಯುವಕನನ್ನು ಕೊಲೆ ಮಾಡಲಾಗಿತ್ತು. ಆರೋಪಿಗಳನ್ನು ನ್ಯಾಯಾಂಗ ಬಂಧನಕ್ಕೆ ಒಪ್ಪಿಸಲಾಗಿದ್ದು, ಉಳಿದ ಆರೋಪಿಗಳ ಪತ್ತೆಗೆ ಶೋಧ ಮುಂದುವರಿದಿದೆ.
